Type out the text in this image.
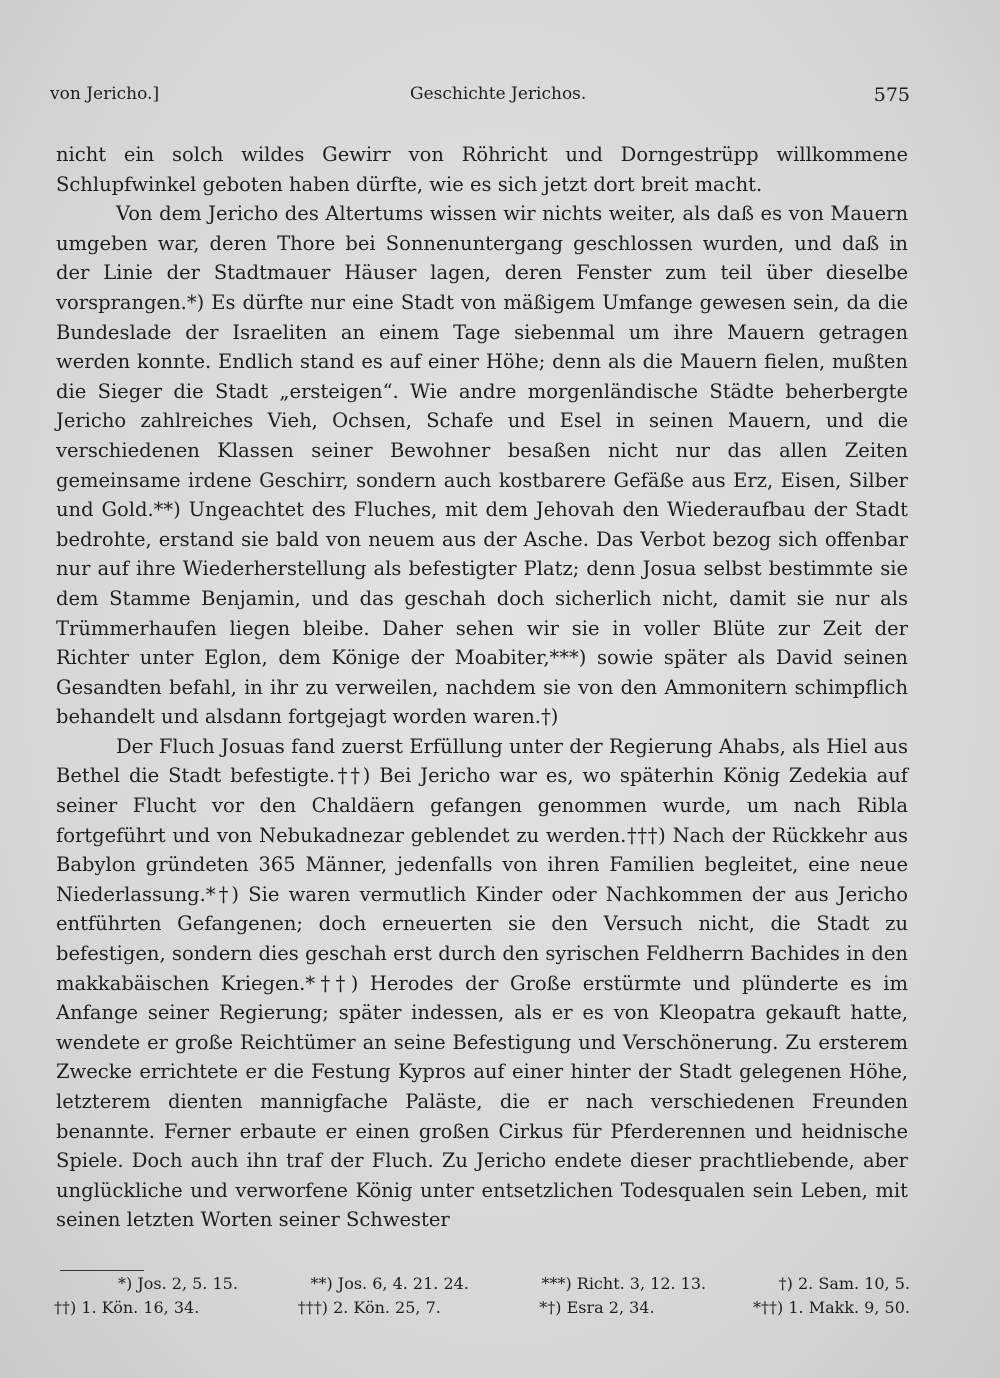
von Jericho.]	Geschichte Jerichos.	575

nicht ein solch wildes Gewirr von Röhricht und Dorngestrüpp willkommene Schlupfwinkel geboten haben dürfte, wie es sich jetzt dort breit macht.

Von dem Jericho des Altertums wissen wir nichts weiter, als daß es von Mauern umgeben war, deren Thore bei Sonnenuntergang geschlossen wurden, und daß in der Linie der Stadtmauer Häuser lagen, deren Fenster zum teil über dieselbe vorsprangen.*) Es dürfte nur eine Stadt von mäßigem Umfange gewesen sein, da die Bundeslade der Israeliten an einem Tage siebenmal um ihre Mauern getragen werden konnte. Endlich stand es auf einer Höhe; denn als die Mauern fielen, mußten die Sieger die Stadt „ersteigen“. Wie andre morgenländische Städte beherbergte Jericho zahlreiches Vieh, Ochsen, Schafe und Esel in seinen Mauern, und die verschiedenen Klassen seiner Bewohner besaßen nicht nur das allen Zeiten gemeinsame irdene Geschirr, sondern auch kostbarere Gefäße aus Erz, Eisen, Silber und Gold.**) Ungeachtet des Fluches, mit dem Jehovah den Wiederaufbau der Stadt bedrohte, erstand sie bald von neuem aus der Asche. Das Verbot bezog sich offenbar nur auf ihre Wiederherstellung als befestigter Platz; denn Josua selbst bestimmte sie dem Stamme Benjamin, und das geschah doch sicherlich nicht, damit sie nur als Trümmerhaufen liegen bleibe. Daher sehen wir sie in voller Blüte zur Zeit der Richter unter Eglon, dem Könige der Moabiter,***) sowie später als David seinen Gesandten befahl, in ihr zu verweilen, nachdem sie von den Ammonitern schimpflich behandelt und alsdann fortgejagt worden waren.†)

Der Fluch Josuas fand zuerst Erfüllung unter der Regierung Ahabs, als Hiel aus Bethel die Stadt befestigte.††) Bei Jericho war es, wo späterhin König Zedekia auf seiner Flucht vor den Chaldäern gefangen genommen wurde, um nach Ribla fortgeführt und von Nebukadnezar geblendet zu werden.†††) Nach der Rückkehr aus Babylon gründeten 365 Männer, jedenfalls von ihren Familien begleitet, eine neue Niederlassung.*†) Sie waren vermutlich Kinder oder Nachkommen der aus Jericho entführten Gefangenen; doch erneuerten sie den Versuch nicht, die Stadt zu befestigen, sondern dies geschah erst durch den syrischen Feldherrn Bachides in den makkabäischen Kriegen.*††) Herodes der Große erstürmte und plünderte es im Anfange seiner Regierung; später indessen, als er es von Kleopatra gekauft hatte, wendete er große Reichtümer an seine Befestigung und Verschönerung. Zu ersterem Zwecke errichtete er die Festung Kypros auf einer hinter der Stadt gelegenen Höhe, letzterem dienten mannigfache Paläste, die er nach verschiedenen Freunden benannte. Ferner erbaute er einen großen Cirkus für Pferderennen und heidnische Spiele. Doch auch ihn traf der Fluch. Zu Jericho endete dieser prachtliebende, aber unglückliche und verworfene König unter entsetzlichen Todesqualen sein Leben, mit seinen letzten Worten seiner Schwester

*) Jos. 2, 5. 15.	**) Jos. 6, 4. 21. 24.	***) Richt. 3, 12. 13.	†) 2. Sam. 10, 5.
††) 1. Kön. 16, 34.	†††) 2. Kön. 25, 7.	*†) Esra 2, 34.	*††) 1. Makk. 9, 50.
